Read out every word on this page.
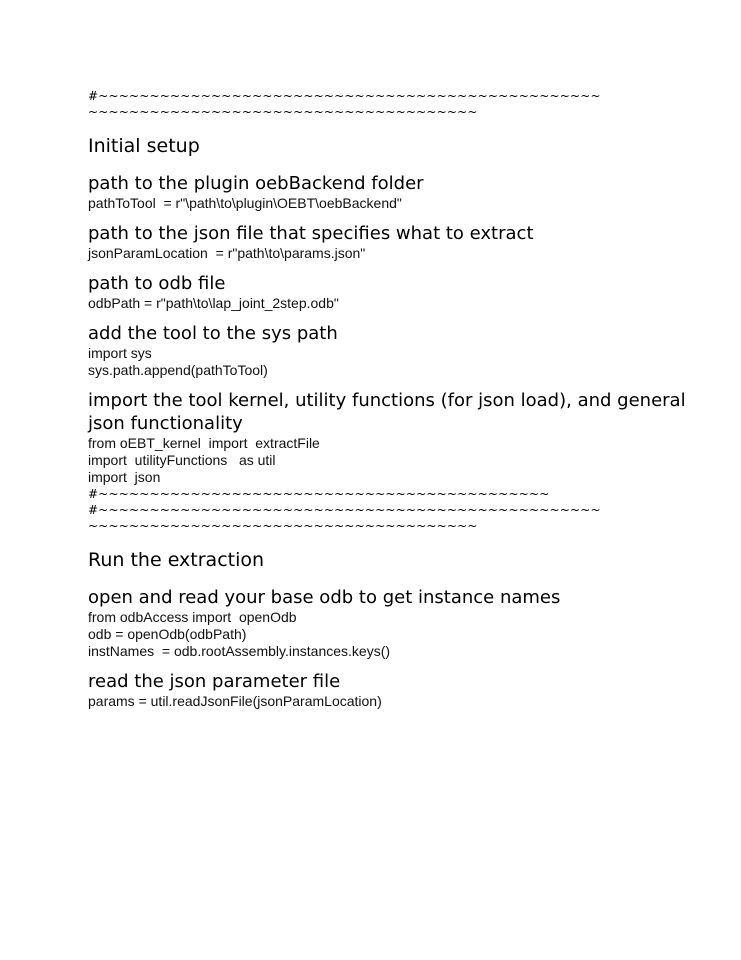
#~~~~~~~~~~~~~~~~~~~~~~~~~~~~~~~~~~~~~~~~~~~~~~~~~

~~~~~~~~~~~~~~~~~~~~~~~~~~~~~~~~~~~~~~

Initial setup
path to the plugin oebBackend folder

pathToTool  = r"\path\to\plugin\OEBT\oebBackend"

path to the json file that specifies what to extract

jsonParamLocation  = r"path\to\params.json"

path to odb file

odbPath = r"path\to\lap_joint_2step.odb"

add the tool to the sys path

import sys

sys.path.append(pathToTool)

import the tool kernel, utility functions (for json load), and general json functionality

from oEBT_kernel  import  extractFile

import  utilityFunctions   as util

import  json

#~~~~~~~~~~~~~~~~~~~~~~~~~~~~~~~~~~~~~~~~~~~~

#~~~~~~~~~~~~~~~~~~~~~~~~~~~~~~~~~~~~~~~~~~~~~~~~~

~~~~~~~~~~~~~~~~~~~~~~~~~~~~~~~~~~~~~~

Run the extraction
open and read your base odb to get instance names

from odbAccess import  openOdb

odb = openOdb(odbPath)

instNames  = odb.rootAssembly.instances.keys()

read the json parameter file

params = util.readJsonFile(jsonParamLocation)
